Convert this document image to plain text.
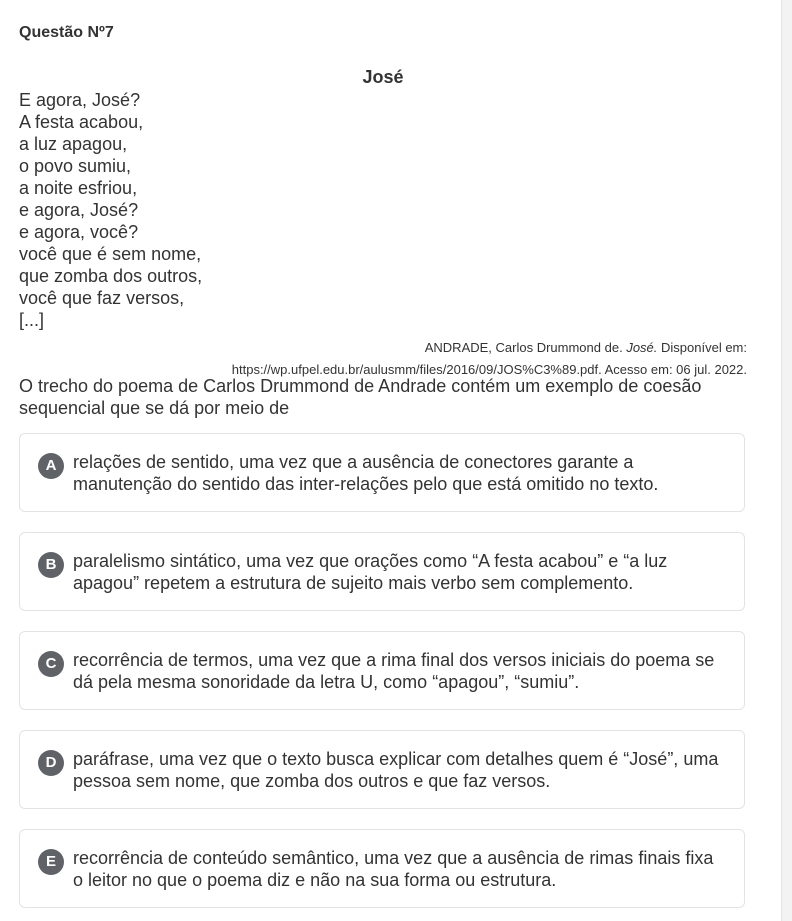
Questão Nº7
José
E agora, José?
A festa acabou,
a luz apagou,
o povo sumiu,
a noite esfriou,
e agora, José?
e agora, você?
você que é sem nome,
que zomba dos outros,
você que faz versos,
[...]
ANDRADE, Carlos Drummond de. José. Disponível em:
https://wp.ufpel.edu.br/aulusmm/files/2016/09/JOS%C3%89.pdf. Acesso em: 06 jul. 2022.
O trecho do poema de Carlos Drummond de Andrade contém um exemplo de coesão sequencial que se dá por meio de
A relações de sentido, uma vez que a ausência de conectores garante a manutenção do sentido das inter-relações pelo que está omitido no texto.
B paralelismo sintático, uma vez que orações como “A festa acabou” e “a luz apagou” repetem a estrutura de sujeito mais verbo sem complemento.
C recorrência de termos, uma vez que a rima final dos versos iniciais do poema se dá pela mesma sonoridade da letra U, como “apagou”, “sumiu”.
D paráfrase, uma vez que o texto busca explicar com detalhes quem é “José”, uma pessoa sem nome, que zomba dos outros e que faz versos.
E recorrência de conteúdo semântico, uma vez que a ausência de rimas finais fixa o leitor no que o poema diz e não na sua forma ou estrutura.
